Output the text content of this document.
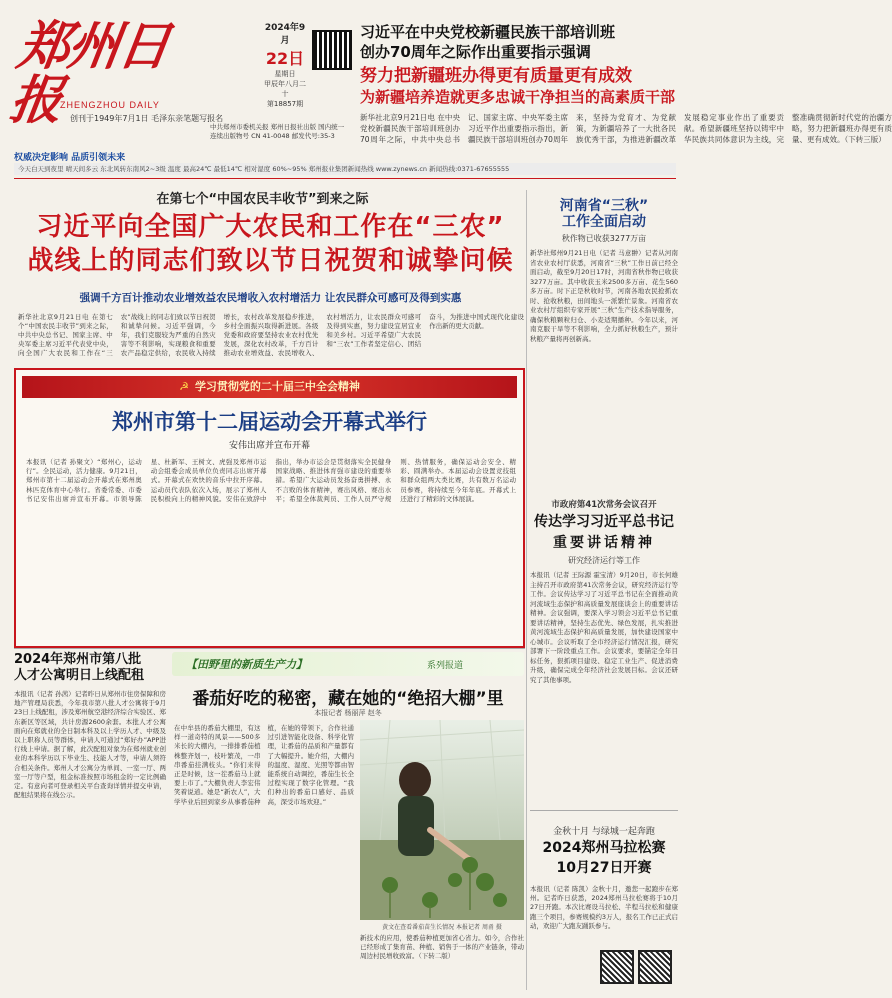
郑州日报
ZHENGZHOU DAILY
创刊于1949年7月1日 毛泽东亲笔题写报名
中共郑州市委机关报 郑州日报社出版 国内统一连续出版物号 CN 41-0048 邮发代号:35-3
2024年9月
22日
星期日
甲辰年八月二十
第18857期
权威决定影响 品质引领未来
习近平在中央党校新疆民族干部培训班
创办70周年之际作出重要指示强调
努力把新疆班办得更有质量更有成效
为新疆培养造就更多忠诚干净担当的高素质干部
新华社北京9月21日电 在中央党校新疆民族干部培训班创办70周年之际，中共中央总书记、国家主席、中央军委主席习近平作出重要指示指出，新疆民族干部培训班创办70周年来，坚持为党育才、为党献策，为新疆培养了一大批各民族优秀干部，为推进新疆改革发展稳定事业作出了重要贡献。希望新疆班坚持以铸牢中华民族共同体意识为主线，完整准确贯彻新时代党的治疆方略，努力把新疆班办得更有质量、更有成效。（下转三版）
今天白天到夜里 晴天间多云 东北风转东南风2~3级 温度 最高24℃ 最低14℃ 相对湿度 60%~95% 郑州报业集团新闻热线 www.zynews.cn 新闻热线:0371-67655555
在第七个“中国农民丰收节”到来之际
习近平向全国广大农民和工作在“三农”
战线上的同志们致以节日祝贺和诚挚问候
强调千方百计推动农业增效益农民增收入农村增活力 让农民群众可感可及得到实惠
新华社北京9月21日电 在第七个“中国农民丰收节”到来之际，中共中央总书记、国家主席、中央军委主席习近平代表党中央，向全国广大农民和工作在“三农”战线上的同志们致以节日祝贺和诚挚问候。习近平强调，今年，我们克服较为严重的自然灾害等不利影响，实现粮食和重要农产品稳定供给，农民收入持续增长，农村改革发展稳步推进，乡村全面振兴取得新进展。各级党委和政府要坚持农业农村优先发展，深化农村改革，千方百计推动农业增效益、农民增收入、农村增活力，让农民群众可感可及得到实惠，努力建设宜居宜业和美乡村。习近平希望广大农民和“三农”工作者坚定信心、团结奋斗，为推进中国式现代化建设作出新的更大贡献。
河南省“三秋”
工作全面启动
秋作物已收获3277万亩
新华社郑州9月21日电（记者 马意翀）记者从河南省农业农村厅获悉，河南省“三秋”工作日前已经全面启动，截至9月20日17时，河南省秋作物已收获3277万亩。其中收获玉米2500多万亩、花生560多万亩。时下正是秋收时节，河南各地农民抢抓农时、抢收秋粮，田间地头一派繁忙景象。河南省农业农村厅组织专家开展“三秋”生产技术指导服务，确保秋粮颗粒归仓、小麦适期播种。今年以来，河南克服干旱等不利影响，全力抓好秋粮生产，预计秋粮产量将再创新高。
☭ 学习贯彻党的二十届三中全会精神
郑州市第十二届运动会开幕式举行
安伟出席并宣布开幕
本报讯（记者 孙聚文）“郑州心，运动行”。全民运动，活力健康。9月21日，郑州市第十二届运动会开幕式在郑州奥林匹克体育中心举行。省委常委、市委书记安伟出席并宣布开幕。市领导陈星、杜新军、王树文、虎强及郑州市运动会组委会成员单位负责同志出席开幕式。开幕式在欢快的音乐中拉开序幕。运动员代表队依次入场，展示了郑州人民积极向上的精神风貌。安伟在致辞中指出，举办市运会是贯彻落实全民健身国家战略、推进体育强市建设的重要举措。希望广大运动员发扬奋勇拼搏、永不言败的体育精神，赛出风格、赛出水平；希望全体裁判员、工作人员严守规则、热情服务，确保运动会安全、精彩、圆满举办。本届运动会设置竞技组和群众组两大类比赛，共有数万名运动员参赛，将持续至今年年底。开幕式上还进行了精彩的文体展演。
市政府第41次常务会议召开
传达学习习近平总书记
重要讲话精神
研究经济运行等工作
本报讯（记者 王际源 霍宝清）9月20日，市长何雄主持召开市政府第41次常务会议，研究经济运行等工作。会议传达学习了习近平总书记在全面推动黄河流域生态保护和高质量发展座谈会上的重要讲话精神。会议强调，要深入学习领会习近平总书记重要讲话精神，坚持生态优先、绿色发展，扎实推进黄河流域生态保护和高质量发展，加快建设国家中心城市。会议听取了全市经济运行情况汇报，研究部署下一阶段重点工作。会议要求，要锚定全年目标任务，狠抓项目建设、稳定工业生产、促进消费升级，确保完成全年经济社会发展目标。会议还研究了其他事项。
2024年郑州市第八批
人才公寓明日上线配租
本报讯（记者 孙茜）记者昨日从郑州市住房保障和房地产管理局获悉，今年我市第八批人才公寓将于9月23日上线配租，涉及郑州航空港经济综合实验区、郑东新区等区域，共计房源2600余套。本批人才公寓面向在郑就业的全日制本科及以上学历人才、中级及以上职称人员等群体，申请人可通过“郑好办”APP进行线上申请。据了解，此次配租对象为在郑州就业创业的本科学历以下毕业生、技能人才等，申请人须符合相关条件。郑州人才公寓分为单间、一室一厅、两室一厅等户型，租金标准按照市场租金的一定比例确定。有意向者可登录相关平台查询详情并提交申请，配租结果将在线公示。
【田野里的新质生产力】	系列报道
番茄好吃的秘密，藏在她的“绝招大棚”里
本报记者 杨丽萍 赵冬
在中牟县的番茄大棚里，有这样一道奇特的风景——500多米长的大棚内，一排排番茄植株整齐划一，枝叶繁茂，一串串番茄挂满枝头。“你们来得正是时候，这一茬番茄马上就要上市了。”大棚负责人李宏伟笑着说道。她是“新农人”，大学毕业后回到家乡从事番茄种植，在她的带领下，合作社通过引进智能化设备、科学化管理，让番茄的品质和产量都有了大幅提升。她介绍，大棚内的温度、湿度、光照等都由智能系统自动调控，番茄生长全过程实现了数字化管理。“我们种出的番茄口感好、品质高，深受市场欢迎。”
黄文在查看番茄苗生长情况 本报记者 周甬 摄
新技术的应用，使番茄种植更加省心省力。如今，合作社已经形成了集育苗、种植、销售于一体的产业链条，带动周边村民增收致富。（下转二版）
金秋十月 与绿城一起奔跑
2024郑州马拉松赛
10月27日开赛
本报讯（记者 陈凯）金秋十月，邀您一起跑步在郑州。记者昨日获悉，2024郑州马拉松赛将于10月27日开跑。本次比赛设马拉松、半程马拉松和健康跑三个项目，参赛规模约3万人，报名工作已正式启动，欢迎广大跑友踊跃参与。
